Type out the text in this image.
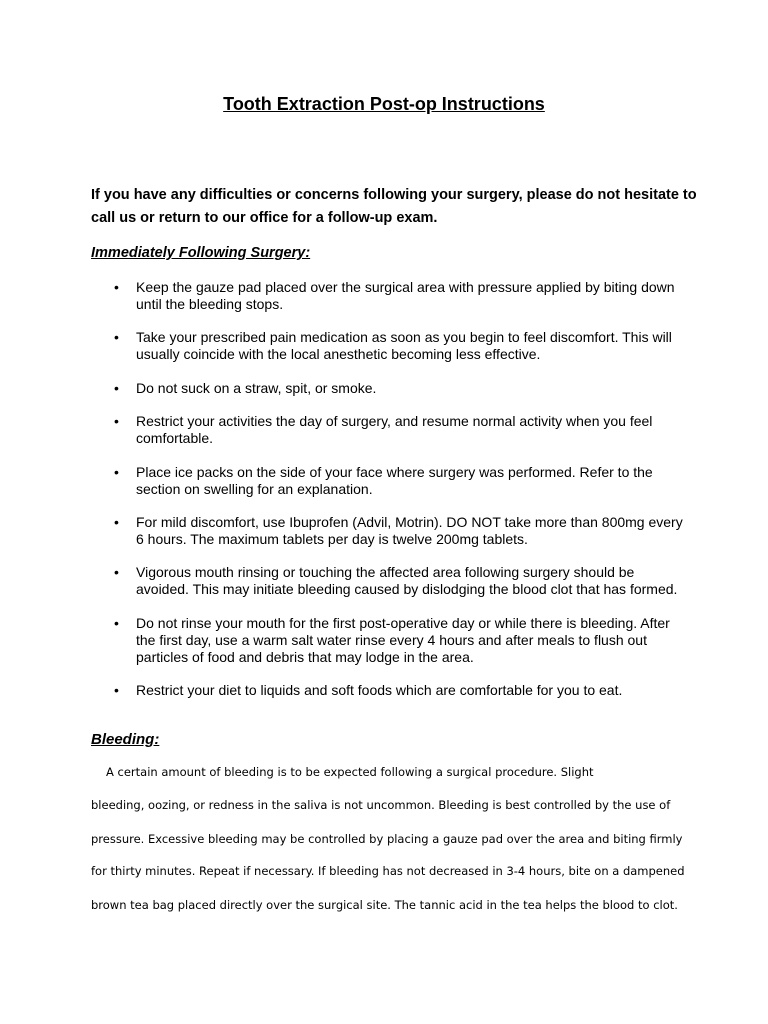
Tooth Extraction Post-op Instructions
If you have any difficulties or concerns following your surgery, please do not hesitate to call us or return to our office for a follow-up exam.
Immediately Following Surgery:
• Keep the gauze pad placed over the surgical area with pressure applied by biting down
until the bleeding stops.
• Take your prescribed pain medication as soon as you begin to feel discomfort. This will
usually coincide with the local anesthetic becoming less effective.
• Do not suck on a straw, spit, or smoke.
• Restrict your activities the day of surgery, and resume normal activity when you feel
comfortable.
• Place ice packs on the side of your face where surgery was performed. Refer to the
section on swelling for an explanation.
• For mild discomfort, use Ibuprofen (Advil, Motrin). DO NOT take more than 800mg every
6 hours. The maximum tablets per day is twelve 200mg tablets.
• Vigorous mouth rinsing or touching the affected area following surgery should be
avoided. This may initiate bleeding caused by dislodging the blood clot that has formed.
• Do not rinse your mouth for the first post-operative day or while there is bleeding. After
the first day, use a warm salt water rinse every 4 hours and after meals to flush out
particles of food and debris that may lodge in the area.
• Restrict your diet to liquids and soft foods which are comfortable for you to eat.
Bleeding:
A certain amount of bleeding is to be expected following a surgical procedure. Slight
bleeding, oozing, or redness in the saliva is not uncommon. Bleeding is best controlled by the use of
pressure. Excessive bleeding may be controlled by placing a gauze pad over the area and biting firmly
for thirty minutes. Repeat if necessary. If bleeding has not decreased in 3-4 hours, bite on a dampened
brown tea bag placed directly over the surgical site. The tannic acid in the tea helps the blood to clot.
